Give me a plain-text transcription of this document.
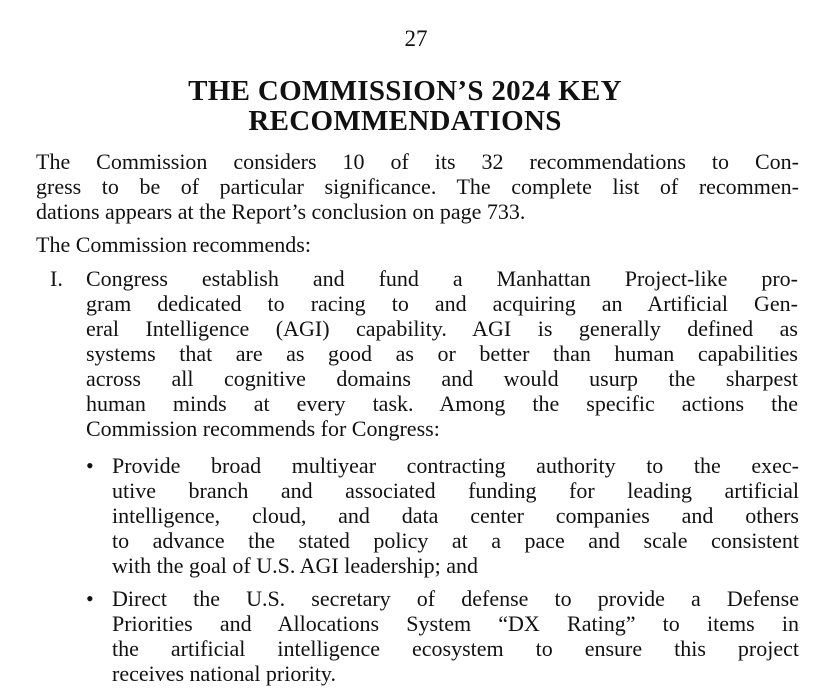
27
THE COMMISSION’S 2024 KEY
RECOMMENDATIONS
The Commission considers 10 of its 32 recommendations to Con-
gress to be of particular significance. The complete list of recommen-
dations appears at the Report’s conclusion on page 733.
The Commission recommends:
I.	Congress establish and fund a Manhattan Project-like pro-
gram dedicated to racing to and acquiring an Artificial Gen-
eral Intelligence (AGI) capability. AGI is generally defined as
systems that are as good as or better than human capabilities
across all cognitive domains and would usurp the sharpest
human minds at every task. Among the specific actions the
Commission recommends for Congress:
• Provide broad multiyear contracting authority to the exec-
utive branch and associated funding for leading artificial
intelligence, cloud, and data center companies and others
to advance the stated policy at a pace and scale consistent
with the goal of U.S. AGI leadership; and
• Direct the U.S. secretary of defense to provide a Defense
Priorities and Allocations System “DX Rating” to items in
the artificial intelligence ecosystem to ensure this project
receives national priority.
